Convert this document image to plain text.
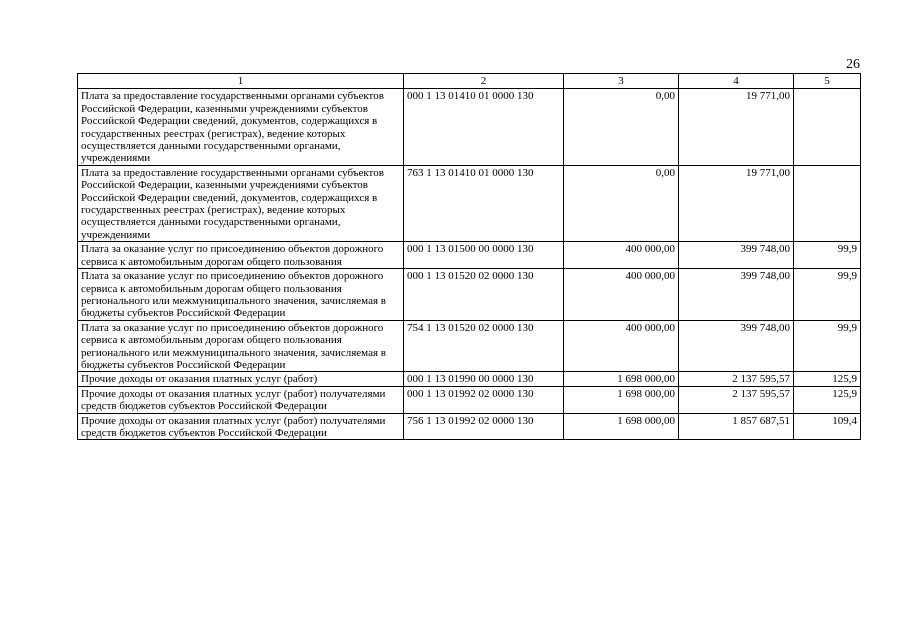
26
1	2	3	4	5
Плата за предоставление государственными органами субъектов Российской Федерации, казенными учреждениями субъектов Российской Федерации сведений, документов, содержащихся в государственных реестрах (регистрах), ведение которых осуществляется данными государственными органами, учреждениями	000 1 13 01410 01 0000 130	0,00	19 771,00	
Плата за предоставление государственными органами субъектов Российской Федерации, казенными учреждениями субъектов Российской Федерации сведений, документов, содержащихся в государственных реестрах (регистрах), ведение которых осуществляется данными государственными органами, учреждениями	763 1 13 01410 01 0000 130	0,00	19 771,00	
Плата за оказание услуг по присоединению объектов дорожного сервиса к автомобильным дорогам общего пользования	000 1 13 01500 00 0000 130	400 000,00	399 748,00	99,9
Плата за оказание услуг по присоединению объектов дорожного сервиса к автомобильным дорогам общего пользования регионального или межмуниципального значения, зачисляемая в бюджеты субъектов Российской Федерации	000 1 13 01520 02 0000 130	400 000,00	399 748,00	99,9
Плата за оказание услуг по присоединению объектов дорожного сервиса к автомобильным дорогам общего пользования регионального или межмуниципального значения, зачисляемая в бюджеты субъектов Российской Федерации	754 1 13 01520 02 0000 130	400 000,00	399 748,00	99,9
Прочие доходы от оказания платных услуг (работ)	000 1 13 01990 00 0000 130	1 698 000,00	2 137 595,57	125,9
Прочие доходы от оказания платных услуг (работ) получателями средств бюджетов субъектов Российской Федерации	000 1 13 01992 02 0000 130	1 698 000,00	2 137 595,57	125,9
Прочие доходы от оказания платных услуг (работ) получателями средств бюджетов субъектов Российской Федерации	756 1 13 01992 02 0000 130	1 698 000,00	1 857 687,51	109,4
